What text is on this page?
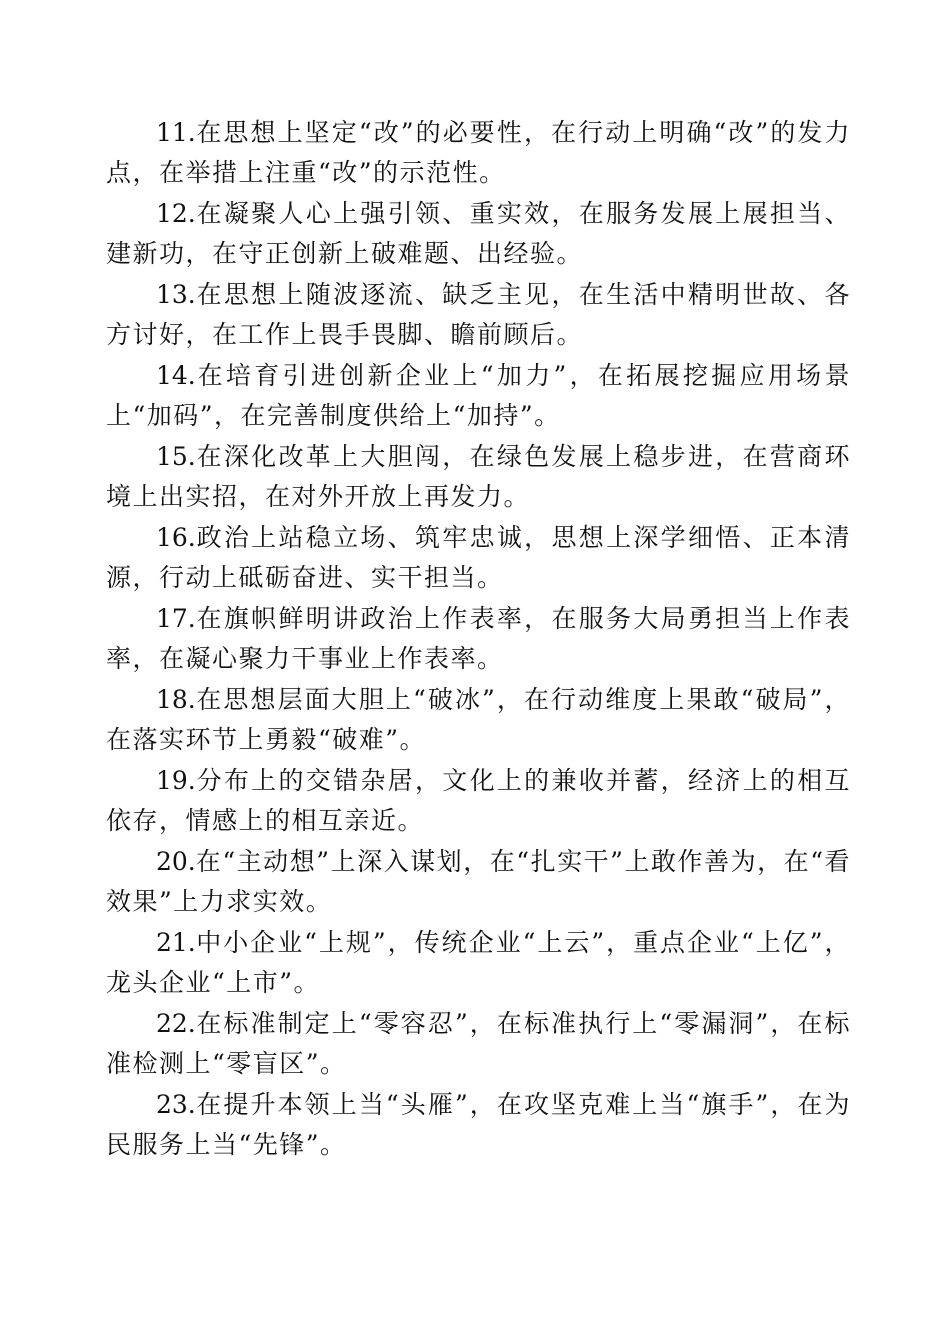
11.在思想上坚定“改”的必要性，在行动上明确“改”的发力点，在举措上注重“改”的示范性。

12.在凝聚人心上强引领、重实效，在服务发展上展担当、建新功，在守正创新上破难题、出经验。

13.在思想上随波逐流、缺乏主见，在生活中精明世故、各方讨好，在工作上畏手畏脚、瞻前顾后。

14.在培育引进创新企业上“加力”，在拓展挖掘应用场景上“加码”，在完善制度供给上“加持”。

15.在深化改革上大胆闯，在绿色发展上稳步进，在营商环境上出实招，在对外开放上再发力。

16.政治上站稳立场、筑牢忠诚，思想上深学细悟、正本清源，行动上砥砺奋进、实干担当。

17.在旗帜鲜明讲政治上作表率，在服务大局勇担当上作表率，在凝心聚力干事业上作表率。

18.在思想层面大胆上“破冰”，在行动维度上果敢“破局”，在落实环节上勇毅“破难”。

19.分布上的交错杂居，文化上的兼收并蓄，经济上的相互依存，情感上的相互亲近。

20.在“主动想”上深入谋划，在“扎实干”上敢作善为，在“看效果”上力求实效。

21.中小企业“上规”，传统企业“上云”，重点企业“上亿”，龙头企业“上市”。

22.在标准制定上“零容忍”，在标准执行上“零漏洞”，在标准检测上“零盲区”。

23.在提升本领上当“头雁”，在攻坚克难上当“旗手”，在为民服务上当“先锋”。
